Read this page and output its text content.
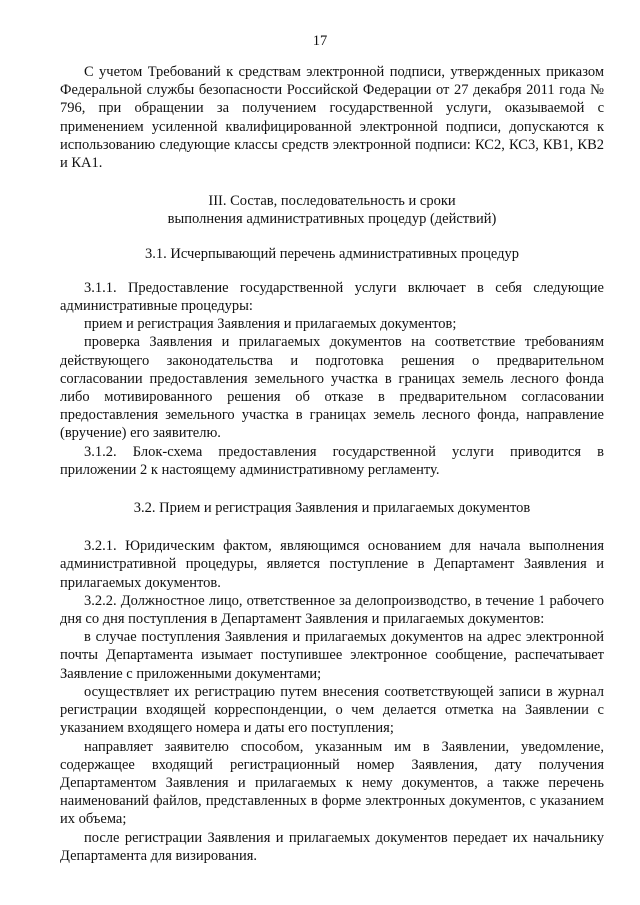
17

С учетом Требований к средствам электронной подписи, утвержденных приказом Федеральной службы безопасности Российской Федерации от 27 декабря 2011 года № 796, при обращении за получением государственной услуги, оказываемой с применением усиленной квалифицированной электронной подписи, допускаются к использованию следующие классы средств электронной подписи: КС2, КС3, КВ1, КВ2 и КА1.

III. Состав, последовательность и сроки

выполнения административных процедур (действий)

3.1. Исчерпывающий перечень административных процедур

3.1.1. Предоставление государственной услуги включает в себя следующие административные процедуры:

прием и регистрация Заявления и прилагаемых документов;

проверка Заявления и прилагаемых документов на соответствие требованиям действующего законодательства и подготовка решения о предварительном согласовании предоставления земельного участка в границах земель лесного фонда либо мотивированного решения об отказе в предварительном согласовании предоставления земельного участка в границах земель лесного фонда, направление (вручение) его заявителю.

3.1.2. Блок-схема предоставления государственной услуги приводится в приложении 2 к настоящему административному регламенту.

3.2. Прием и регистрация Заявления и прилагаемых документов

3.2.1. Юридическим фактом, являющимся основанием для начала выполнения административной процедуры, является поступление в Департамент Заявления и прилагаемых документов.

3.2.2. Должностное лицо, ответственное за делопроизводство, в течение 1 рабочего дня со дня поступления в Департамент Заявления и прилагаемых документов:

в случае поступления Заявления и прилагаемых документов на адрес электронной почты Департамента изымает поступившее электронное сообщение, распечатывает Заявление с приложенными документами;

осуществляет их регистрацию путем внесения соответствующей записи в журнал регистрации входящей корреспонденции, о чем делается отметка на Заявлении с указанием входящего номера и даты его поступления;

направляет заявителю способом, указанным им в Заявлении, уведомление, содержащее входящий регистрационный номер Заявления, дату получения Департаментом Заявления и прилагаемых к нему документов, а также перечень наименований файлов, представленных в форме электронных документов, с указанием их объема;

после регистрации Заявления и прилагаемых документов передает их начальнику Департамента для визирования.
